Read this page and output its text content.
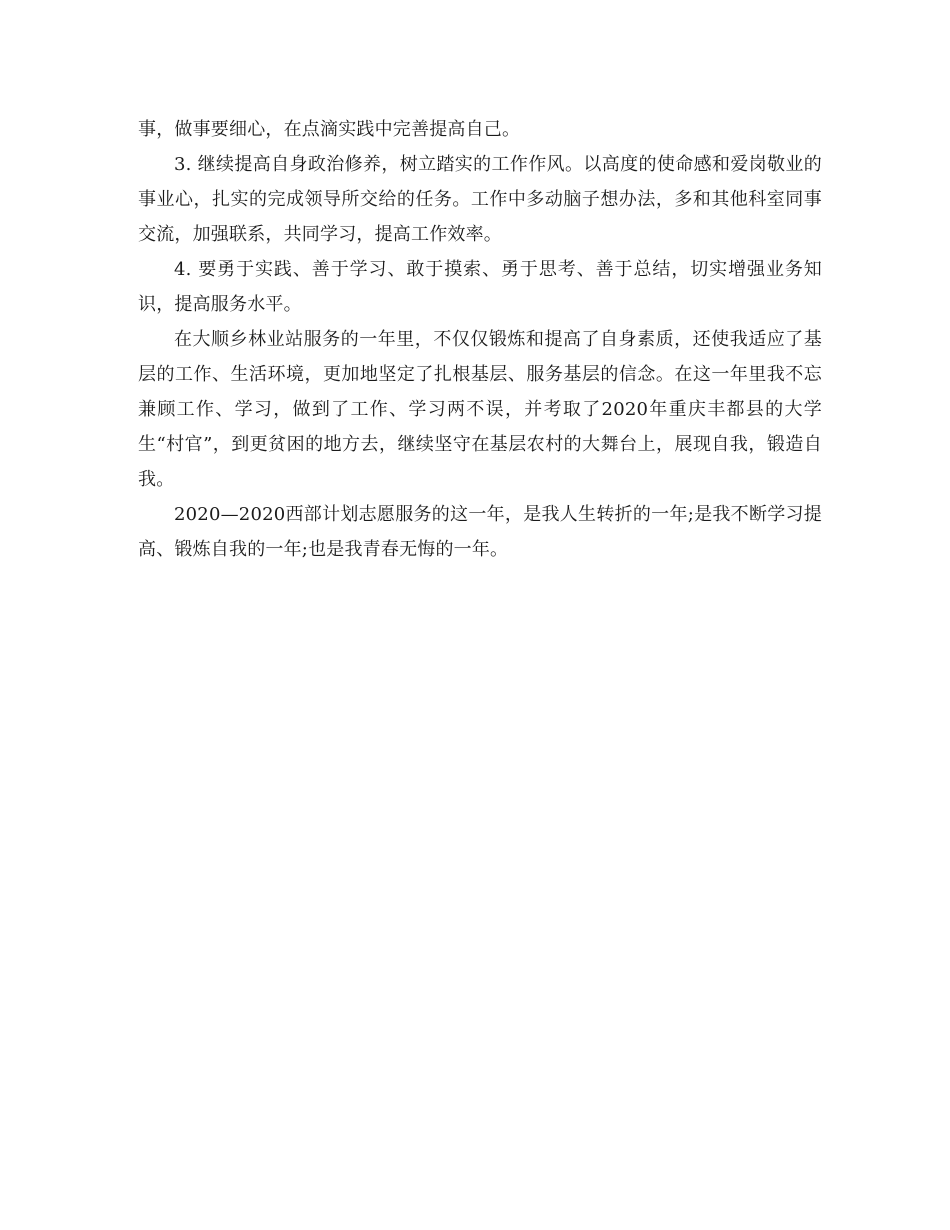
事，做事要细心，在点滴实践中完善提高自己。

3. 继续提高自身政治修养，树立踏实的工作作风。以高度的使命感和爱岗敬业的事业心，扎实的完成领导所交给的任务。工作中多动脑子想办法，多和其他科室同事交流，加强联系，共同学习，提高工作效率。

4. 要勇于实践、善于学习、敢于摸索、勇于思考、善于总结，切实增强业务知识，提高服务水平。

在大顺乡林业站服务的一年里，不仅仅锻炼和提高了自身素质，还使我适应了基层的工作、生活环境，更加地坚定了扎根基层、服务基层的信念。在这一年里我不忘兼顾工作、学习，做到了工作、学习两不误，并考取了2020年重庆丰都县的大学生“村官”，到更贫困的地方去，继续坚守在基层农村的大舞台上，展现自我，锻造自我。

2020—2020西部计划志愿服务的这一年，是我人生转折的一年;是我不断学习提高、锻炼自我的一年;也是我青春无悔的一年。
